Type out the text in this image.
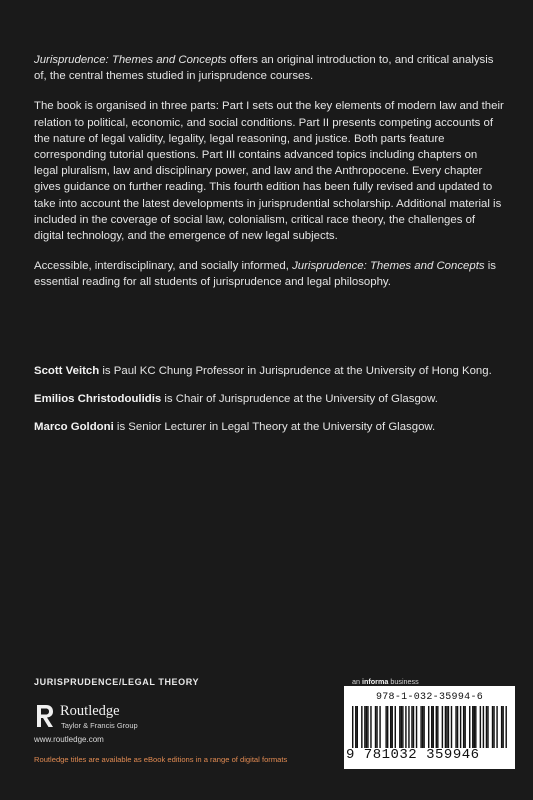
Jurisprudence: Themes and Concepts offers an original introduction to, and critical analysis of, the central themes studied in jurisprudence courses.

The book is organised in three parts: Part I sets out the key elements of modern law and their relation to political, economic, and social conditions. Part II presents competing accounts of the nature of legal validity, legality, legal reasoning, and justice. Both parts feature corresponding tutorial questions. Part III contains advanced topics including chapters on legal pluralism, law and disciplinary power, and law and the Anthropocene. Every chapter gives guidance on further reading. This fourth edition has been fully revised and updated to take into account the latest developments in jurisprudential scholarship. Additional material is included in the coverage of social law, colonialism, critical race theory, the challenges of digital technology, and the emergence of new legal subjects.

Accessible, interdisciplinary, and socially informed, Jurisprudence: Themes and Concepts is essential reading for all students of jurisprudence and legal philosophy.

Scott Veitch is Paul KC Chung Professor in Jurisprudence at the University of Hong Kong.

Emilios Christodoulidis is Chair of Jurisprudence at the University of Glasgow.

Marco Goldoni is Senior Lecturer in Legal Theory at the University of Glasgow.

JURISPRUDENCE/LEGAL THEORY
Routledge
Taylor & Francis Group
www.routledge.com
Routledge titles are available as eBook editions in a range of digital formats
an informa business
978-1-032-35994-6
9 781032 359946
